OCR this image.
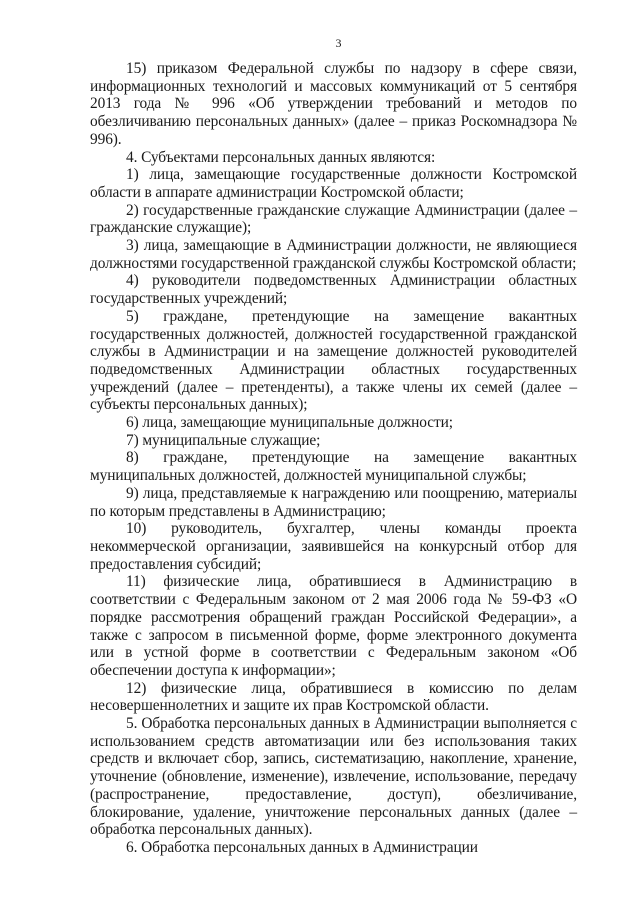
3

15) приказом Федеральной службы по надзору в сфере связи, информационных технологий и массовых коммуникаций от 5 сентября 2013 года № 996 «Об утверждении требований и методов по обезличиванию персональных данных» (далее – приказ Роскомнадзора № 996).

4. Субъектами персональных данных являются:

1) лица, замещающие государственные должности Костромской области в аппарате администрации Костромской области;

2) государственные гражданские служащие Администрации (далее – гражданские служащие);

3) лица, замещающие в Администрации должности, не являющиеся должностями государственной гражданской службы Костромской области;

4) руководители подведомственных Администрации областных государственных учреждений;

5) граждане, претендующие на замещение вакантных государственных должностей, должностей государственной гражданской службы в Администрации и на замещение должностей руководителей подведомственных Администрации областных государственных учреждений (далее – претенденты), а также члены их семей (далее – субъекты персональных данных);

6) лица, замещающие муниципальные должности;

7) муниципальные служащие;

8) граждане, претендующие на замещение вакантных муниципальных должностей, должностей муниципальной службы;

9) лица, представляемые к награждению или поощрению, материалы по которым представлены в Администрацию;

10) руководитель, бухгалтер, члены команды проекта некоммерческой организации, заявившейся на конкурсный отбор для предоставления субсидий;

11) физические лица, обратившиеся в Администрацию в соответствии с Федеральным законом от 2 мая 2006 года № 59-ФЗ «О порядке рассмотрения обращений граждан Российской Федерации», а также с запросом в письменной форме, форме электронного документа или в устной форме в соответствии с Федеральным законом «Об обеспечении доступа к информации»;

12) физические лица, обратившиеся в комиссию по делам несовершеннолетних и защите их прав Костромской области.

5. Обработка персональных данных в Администрации выполняется с использованием средств автоматизации или без использования таких средств и включает сбор, запись, систематизацию, накопление, хранение, уточнение (обновление, изменение), извлечение, использование, передачу (распространение, предоставление, доступ), обезличивание, блокирование, удаление, уничтожение персональных данных (далее – обработка персональных данных).

6. Обработка персональных данных в Администрации
